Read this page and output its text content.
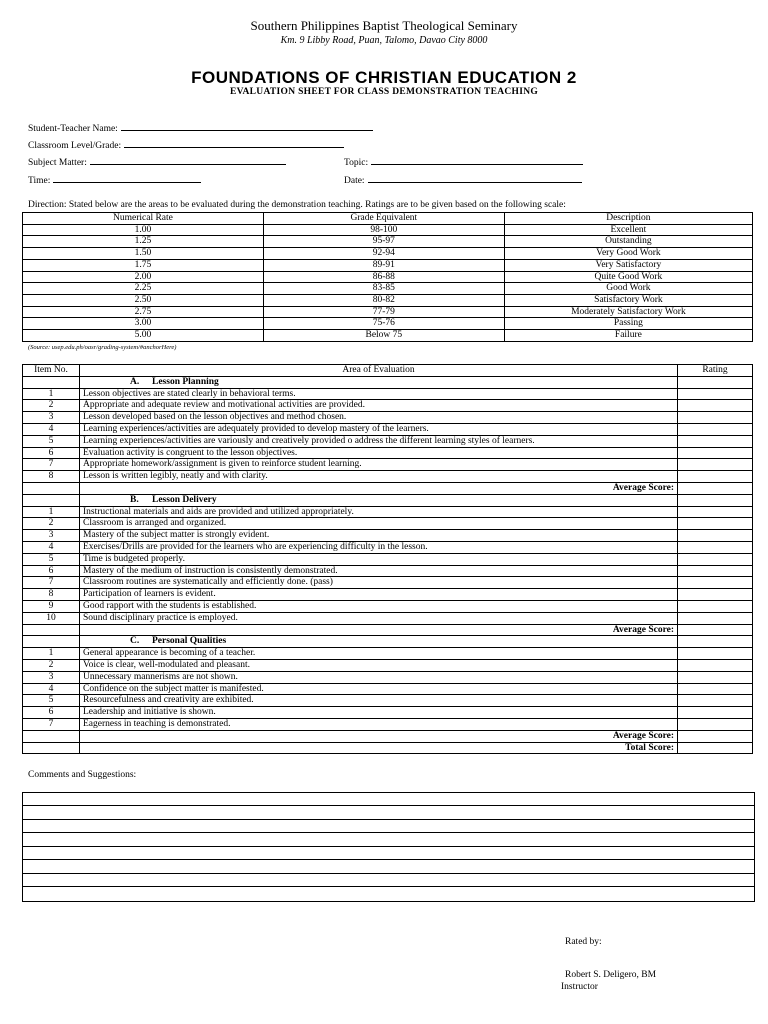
Southern Philippines Baptist Theological Seminary
Km. 9 Libby Road, Puan, Talomo, Davao City 8000
FOUNDATIONS OF CHRISTIAN EDUCATION 2
EVALUATION SHEET FOR CLASS DEMONSTRATION TEACHING
Student-Teacher Name:
Classroom Level/Grade:
Subject Matter:	Topic:
Time:	Date:
Direction: Stated below are the areas to be evaluated during the demonstration teaching. Ratings are to be given based on the following scale:
Numerical Rate	Grade Equivalent	Description
1.00	98-100	Excellent
1.25	95-97	Outstanding
1.50	92-94	Very Good Work
1.75	89-91	Very Satisfactory
2.00	86-88	Quite Good Work
2.25	83-85	Good Work
2.50	80-82	Satisfactory Work
2.75	77-79	Moderately Satisfactory Work
3.00	75-76	Passing
5.00	Below 75	Failure
(Source: usep.edu.ph/oasr/grading-system/#anchorHere)
Item No.	Area of Evaluation	Rating
	A. Lesson Planning	
1	Lesson objectives are stated clearly in behavioral terms.	
2	Appropriate and adequate review and motivational activities are provided.	
3	Lesson developed based on the lesson objectives and method chosen.	
4	Learning experiences/activities are adequately provided to develop mastery of the learners.	
5	Learning experiences/activities are variously and creatively provided o address the different learning styles of learners.	
6	Evaluation activity is congruent to the lesson objectives.	
7	Appropriate homework/assignment is given to reinforce student learning.	
8	Lesson is written legibly, neatly and with clarity.	
	Average Score:	
	B. Lesson Delivery	
1	Instructional materials and aids are provided and utilized appropriately.	
2	Classroom is arranged and organized.	
3	Mastery of the subject matter is strongly evident.	
4	Exercises/Drills are provided for the learners who are experiencing difficulty in the lesson.	
5	Time is budgeted properly.	
6	Mastery of the medium of instruction is consistently demonstrated.	
7	Classroom routines are systematically and efficiently done. (pass)	
8	Participation of learners is evident.	
9	Good rapport with the students is established.	
10	Sound disciplinary practice is employed.	
	Average Score:	
	C. Personal Qualities	
1	General appearance is becoming of a teacher.	
2	Voice is clear, well-modulated and pleasant.	
3	Unnecessary mannerisms are not shown.	
4	Confidence on the subject matter is manifested.	
5	Resourcefulness and creativity are exhibited.	
6	Leadership and initiative is shown.	
7	Eagerness in teaching is demonstrated.	
	Average Score:	
	Total Score:	
Comments and Suggestions:
Rated by:
Robert S. Deligero, BM
Instructor
